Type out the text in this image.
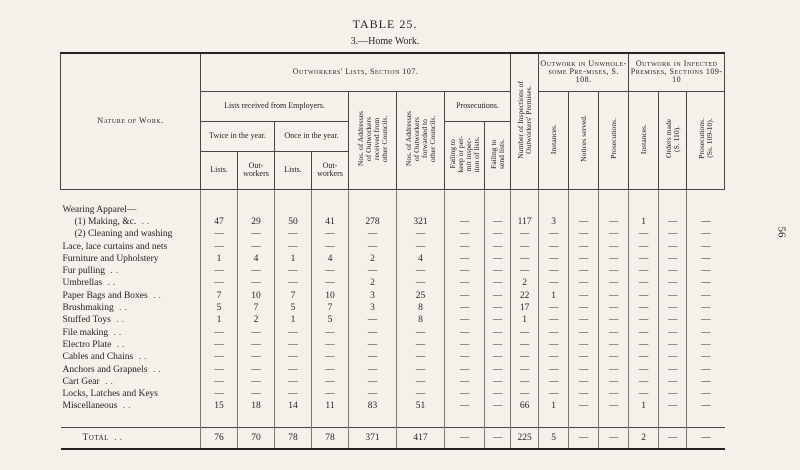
TABLE 25.
3.—Home Work.
56
Nature of Work.	Outworkers' Lists, Section 107.								Number of Inspections of
Outworkers' Premises.	Outwork in Unwhole-some Pre-mises, S. 108.			Outwork in Infected Premises, Sections 109-10		
	Lists received from Employers.				Nos. of Addresses
of Outworkers
received from
other Councils.	Nos. of Addresses
of Outworkers
forwarded to
other Councils.	Prosecutions.			Instances.	Notices served.	Prosecutions.	Instances.	Orders made
(S. 110).	Prosecutions.
(Ss. 109-10).
	Twice in the year.		Once in the year.				Failing to
keep or per-
mit inspec-
tion of lists.	Failing to
send lists.							
	Lists.	Out-workers	Lists.	Out-workers											

Wearing Apparel—															
(1) Making, &c. ..	47	29	50	41	278	321	—	—	117	3	—	—	1	—	—
(2) Cleaning and washing	—	—	—	—	—	—	—	—	—	—	—	—	—	—	—
Lace, lace curtains and nets	—	—	—	—	—	—	—	—	—	—	—	—	—	—	—
Furniture and Upholstery	1	4	1	4	2	4	—	—	—	—	—	—	—	—	—
Fur pulling ..	—	—	—	—	—	—	—	—	—	—	—	—	—	—	—
Umbrellas ..	—	—	—	—	2	—	—	—	2	—	—	—	—	—	—
Paper Bags and Boxes ..	7	10	7	10	3	25	—	—	22	1	—	—	—	—	—
Brushmaking ..	5	7	5	7	3	8	—	—	17	—	—	—	—	—	—
Stuffed Toys ..	1	2	1	5	—	8	—	—	1	—	—	—	—	—	—
File making ..	—	—	—	—	—	—	—	—	—	—	—	—	—	—	—
Electro Plate ..	—	—	—	—	—	—	—	—	—	—	—	—	—	—	—
Cables and Chains ..	—	—	—	—	—	—	—	—	—	—	—	—	—	—	—
Anchors and Grapnels ..	—	—	—	—	—	—	—	—	—	—	—	—	—	—	—
Cart Gear ..	—	—	—	—	—	—	—	—	—	—	—	—	—	—	—
Locks, Latches and Keys	—	—	—	—	—	—	—	—	—	—	—	—	—	—	—
Miscellaneous ..	15	18	14	11	83	51	—	—	66	1	—	—	1	—	—

Total ..	76	70	78	78	371	417	—	—	225	5	—	—	2	—	—
